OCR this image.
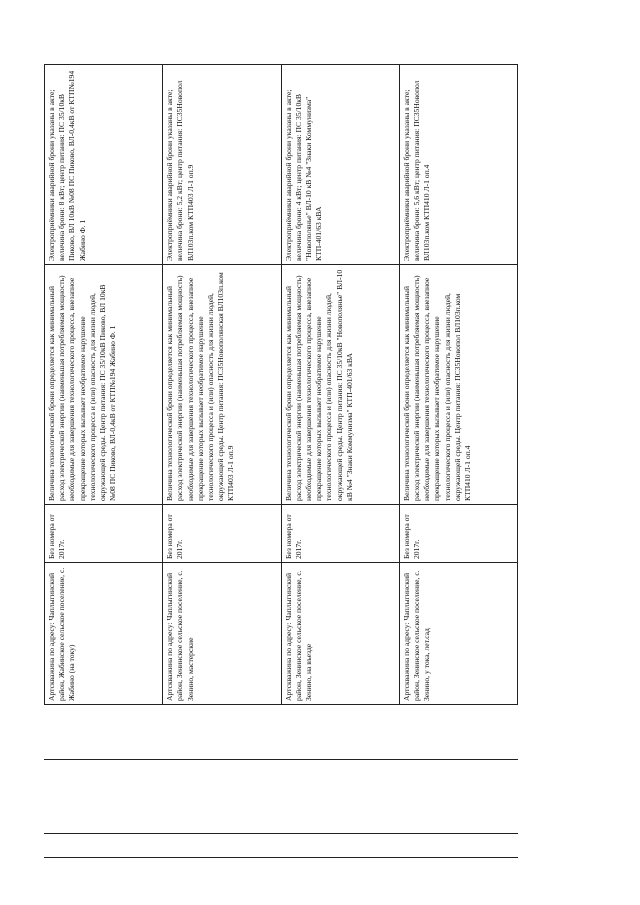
Артскважина по адресу: Чаплыгинский район, Жабинское сельское поселение, с. Жабино (на току)	Без номера от 2017г.	Величина технологической брони определяется как минимальный расход электрической энергии (наименьшая потребляемая мощность) необходимые для завершения технологического процесса, внезапное прекращение которых вызывает необратимое нарушение технологического процесса и (или) опасность для жизни людей, окружающей среды. Центр питания: ПС 35/10кВ Пиково, ВЛ 10кВ №08 ПС Пиково, ВЛ-0,4кВ от КТП№194 Жабино Ф. 1	Электроприёмники аварийной брони указаны в акте; величина брони: 8 кВт; центр питания: ПС 35/10кВ Пиково, ВЛ 10кВ №08 ПС Пиково, ВЛ-0,4кВ от КТП№194 Жабино Ф. 1
Артскважина по адресу: Чаплыгинский район, Зенинское сельское поселение, с. Зенино, мастерские	Без номера от 2017г.	Величина технологической брони определяется как минимальный расход электрической энергии (наименьшая потребляемая мощность) необходимые для завершения технологического процесса, внезапное прекращение которых вызывает необратимое нарушение технологического процесса и (или) опасность для жизни людей, окружающей среды. Центр питания: ПС35Новополянская ВЛ103п.ком КТП403 Л-1 оп.9	Электроприёмники аварийной брони указаны в акте; величина брони: 5,2 кВт; центр питания: ПС35Новопол ВЛ103п.ком КТП403 Л-1 оп.9
Артскважина по адресу: Чаплыгинский район, Зенинское сельское поселение, с. Зенино, на въезде	Без номера от 2017г.	Величина технологической брони определяется как минимальный расход электрической энергии (наименьшая потребляемая мощность) необходимые для завершения технологического процесса, внезапное прекращение которых вызывает необратимое нарушение технологического процесса и (или) опасность для жизни людей, окружающей среды. Центр питания: ПС 35/10кВ "Новополянье" ВЛ-10 кВ №4 "Знаки Коммунизма" КТП-401/63 кВА	Электроприёмники аварийной брони указаны в акте; величина брони: 4 кВт; центр питания: ПС 35/10кВ "Новополянье" ВЛ-10 кВ №4 "Знаки Коммунизма" КТП-401/63 кВА
Артскважина по адресу: Чаплыгинский район, Зенинское сельское поселение, с. Зенино, у тока, лет.сад	Без номера от 2017г.	Величина технологической брони определяется как минимальный расход электрической энергии (наименьшая потребляемая мощность) необходимые для завершения технологического процесса, внезапное прекращение которых вызывает необратимое нарушение технологического процесса и (или) опасность для жизни людей, окружающей среды. Центр питания: ПС35Новопол ВЛ103п.ком КТП410 Л-1 оп.4	Электроприёмники аварийной брони указаны в акте; величина брони: 5,6 кВт; центр питания: ПС35Новопол ВЛ103п.ком КТП410 Л-1 оп.4
